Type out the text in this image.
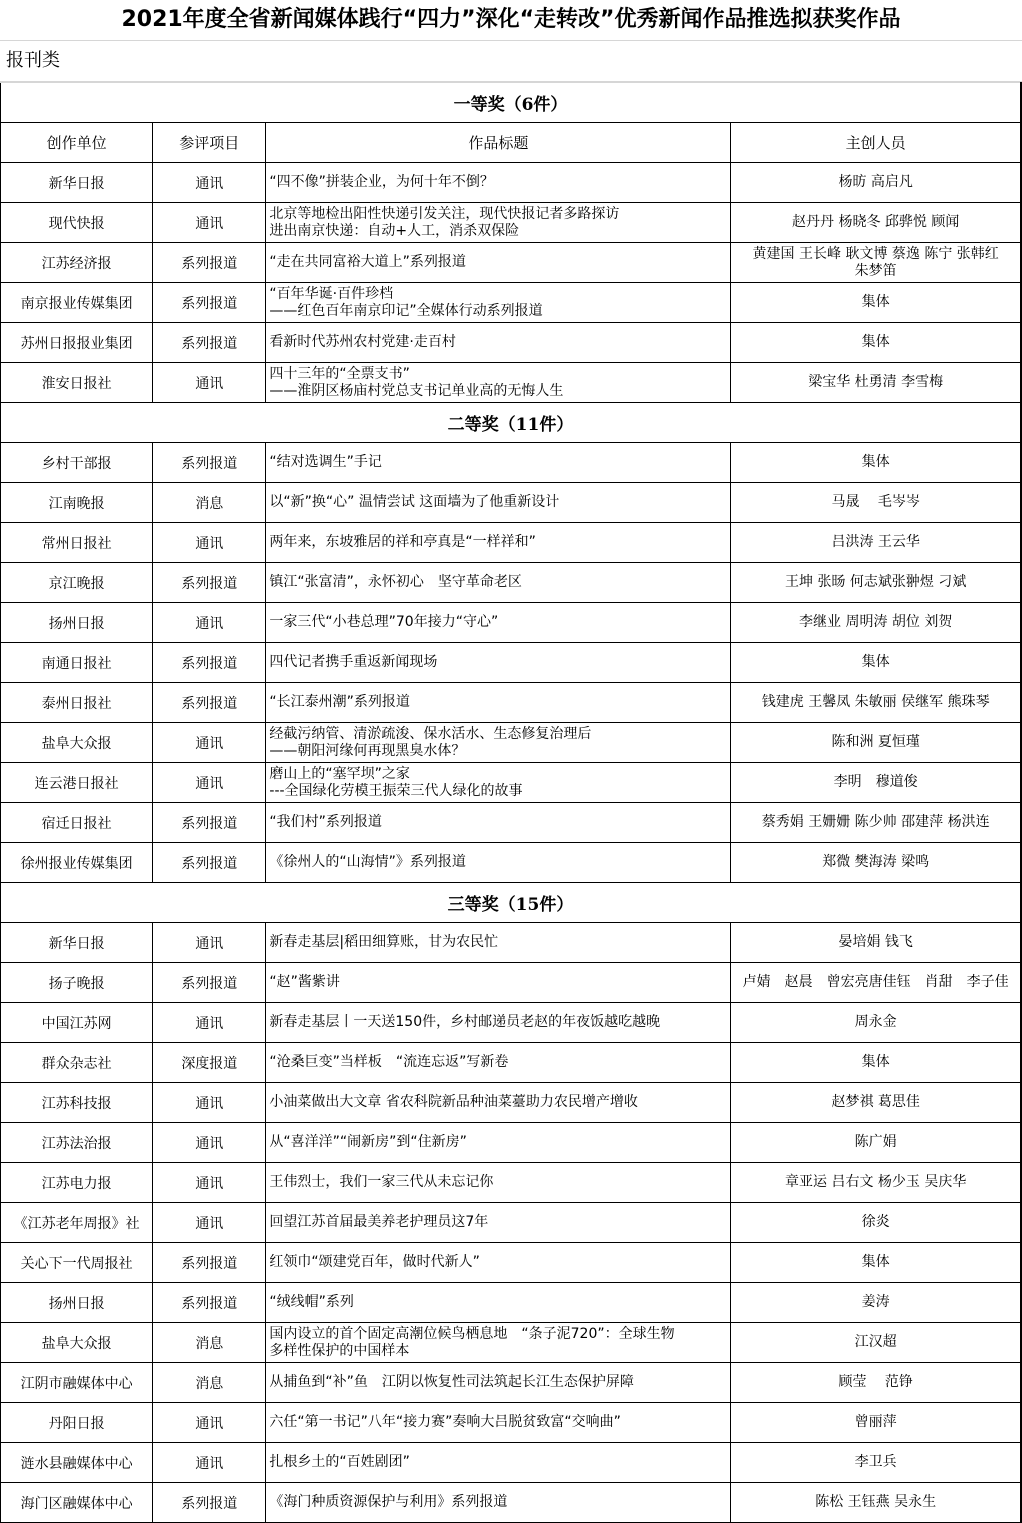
2021年度全省新闻媒体践行“四力”深化“走转改”优秀新闻作品推选拟获奖作品
报刊类
一等奖（6件）			
创作单位	参评项目	作品标题	主创人员
新华日报	通讯	“四不像”拼装企业，为何十年不倒？	杨昉 高启凡

现代快报	通讯	北京等地检出阳性快递引发关注，现代快报记者多路探访
进出南京快递：自动+人工，消杀双保险	赵丹丹 杨晓冬 邱骅悦 顾闻

江苏经济报	系列报道	“走在共同富裕大道上”系列报道	黄建国 王长峰 耿文博 蔡逸 陈宁 张韩红
朱梦笛

南京报业传媒集团	系列报道	“百年华诞·百件珍档
——红色百年南京印记”全媒体行动系列报道	集体

苏州日报报业集团	系列报道	看新时代苏州农村党建·走百村	集体

淮安日报社	通讯	四十三年的“全票支书”
——淮阴区杨庙村党总支书记单业高的无悔人生	梁宝华 杜勇清 李雪梅

二等奖（11件）			
乡村干部报	系列报道	“结对选调生”手记	集体

江南晚报	消息	以“新”换“心” 温情尝试 这面墙为了他重新设计	马晟　 毛岑岑

常州日报社	通讯	两年来，东坡雅居的祥和亭真是“一样祥和”	吕洪涛 王云华

京江晚报	系列报道	镇江“张富清”，永怀初心　坚守革命老区	王坤 张旸 何志斌张翀煜 刁斌

扬州日报	通讯	一家三代“小巷总理”70年接力“守心”	李继业 周明涛 胡位 刘贺

南通日报社	系列报道	四代记者携手重返新闻现场	集体

泰州日报社	系列报道	“长江泰州潮”系列报道	钱建虎 王馨凤 朱敏丽 侯继军 熊珠琴

盐阜大众报	通讯	经截污纳管、清淤疏浚、保水活水、生态修复治理后
——朝阳河缘何再现黑臭水体？	陈和洲 夏恒瑾

连云港日报社	通讯	磨山上的“塞罕坝”之家
---全国绿化劳模王振荣三代人绿化的故事	李明　穆道俊

宿迁日报社	系列报道	“我们村”系列报道	蔡秀娟 王姗姗 陈少帅 邵建萍 杨洪连

徐州报业传媒集团	系列报道	《徐州人的“山海情”》系列报道	郑微 樊海涛 梁鸣

三等奖（15件）			
新华日报	通讯	新春走基层|稻田细算账，甘为农民忙	晏培娟 钱飞

扬子晚报	系列报道	“赵”酱紫讲	卢婧　赵晨　曾宏亮唐佳钰　肖甜　李子佳

中国江苏网	通讯	新春走基层丨一天送150件，乡村邮递员老赵的年夜饭越吃越晚	周永金

群众杂志社	深度报道	“沧桑巨变”当样板　“流连忘返”写新卷	集体

江苏科技报	通讯	小油菜做出大文章 省农科院新品种油菜薹助力农民增产增收	赵梦祺 葛思佳

江苏法治报	通讯	从“喜洋洋”“闹新房”到“住新房”	陈广娟

江苏电力报	通讯	王伟烈士，我们一家三代从未忘记你	章亚运 吕右文 杨少玉 吴庆华

《江苏老年周报》社	通讯	回望江苏首届最美养老护理员这7年	徐炎

关心下一代周报社	系列报道	红领巾“颂建党百年，做时代新人”	集体

扬州日报	系列报道	“绒线帽”系列	姜涛

盐阜大众报	消息	国内设立的首个固定高潮位候鸟栖息地　“条子泥720”：全球生物
多样性保护的中国样本	江汉超

江阴市融媒体中心	消息	从捕鱼到“补”鱼　江阴以恢复性司法筑起长江生态保护屏障	顾莹　 范铮

丹阳日报	通讯	六任“第一书记”八年“接力赛”奏响大吕脱贫致富“交响曲”	曾丽萍

涟水县融媒体中心	通讯	扎根乡土的“百姓剧团”	李卫兵

海门区融媒体中心	系列报道	《海门种质资源保护与利用》系列报道	陈松 王钰燕 吴永生
